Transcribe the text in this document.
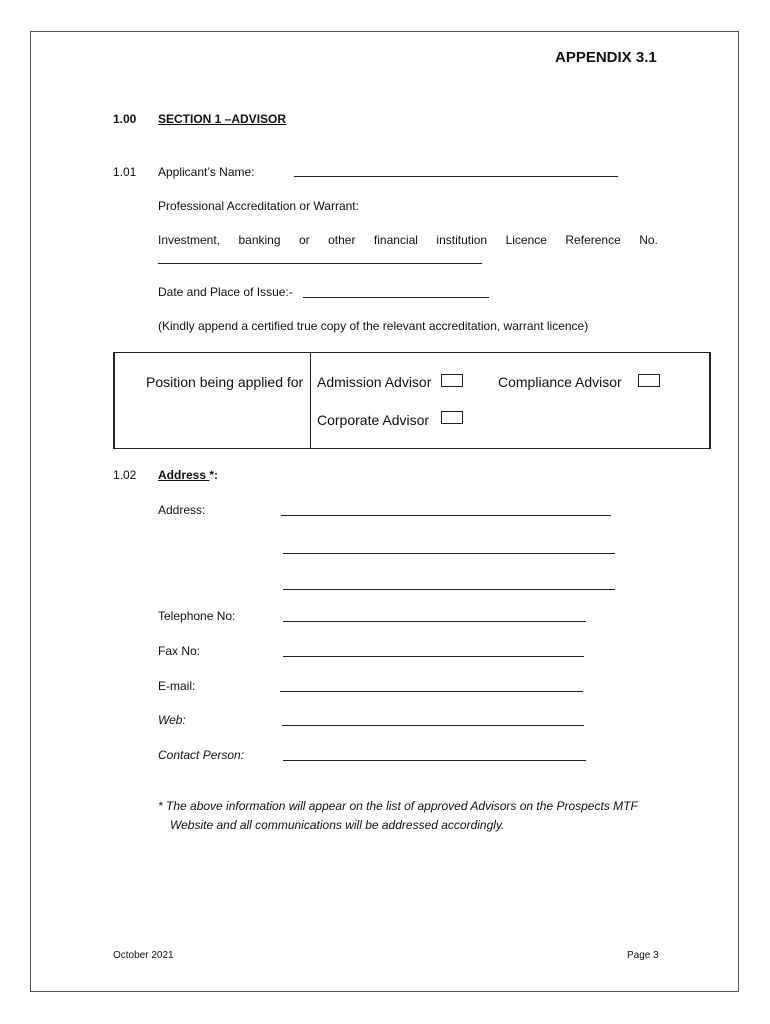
APPENDIX 3.1
1.00 SECTION 1 –ADVISOR
1.01 Applicant’s Name:
Professional Accreditation or Warrant:
Investment, banking or other financial institution Licence Reference No.
Date and Place of Issue:-
(Kindly append a certified true copy of the relevant accreditation, warrant licence)
Position being applied for Admission Advisor	Compliance Advisor
Corporate Advisor
1.02 Address *:
Address:
Telephone No:
Fax No:
E-mail:
Web:
Contact Person:
* The above information will appear on the list of approved Advisors on the Prospects MTF
Website and all communications will be addressed accordingly.
October 2021	Page 3
